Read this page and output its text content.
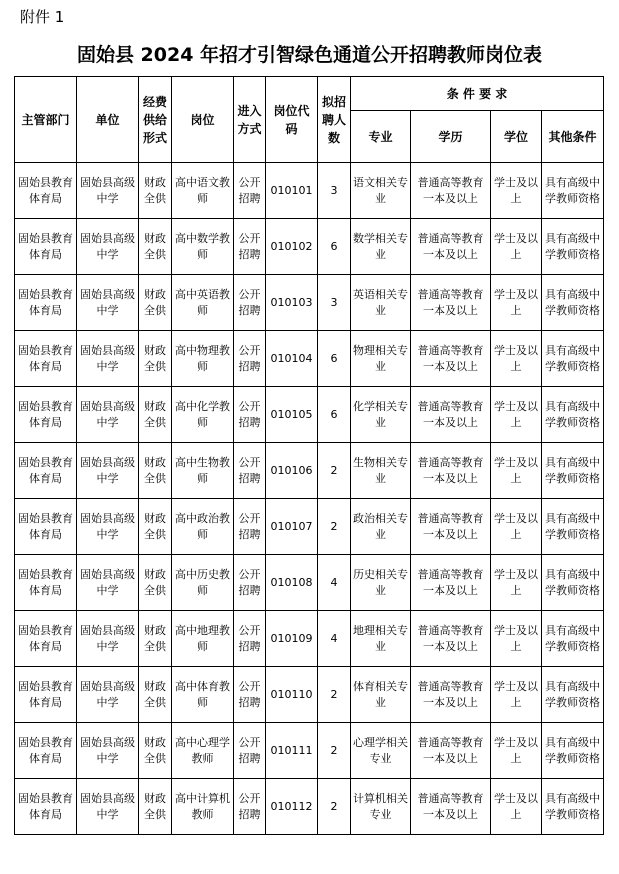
附件 1
固始县 2024 年招才引智绿色通道公开招聘教师岗位表
主管部门	单位	经费供给形式	岗位	进入方式	岗位代码	拟招聘人数	条 件 要 求			
							专业	学历	学位	其他条件
固始县教育体育局	固始县高级中学	财政全供	高中语文教师	公开招聘	010101	3	语文相关专业	普通高等教育一本及以上	学士及以上	具有高级中学教师资格
固始县教育体育局	固始县高级中学	财政全供	高中数学教师	公开招聘	010102	6	数学相关专业	普通高等教育一本及以上	学士及以上	具有高级中学教师资格
固始县教育体育局	固始县高级中学	财政全供	高中英语教师	公开招聘	010103	3	英语相关专业	普通高等教育一本及以上	学士及以上	具有高级中学教师资格
固始县教育体育局	固始县高级中学	财政全供	高中物理教师	公开招聘	010104	6	物理相关专业	普通高等教育一本及以上	学士及以上	具有高级中学教师资格
固始县教育体育局	固始县高级中学	财政全供	高中化学教师	公开招聘	010105	6	化学相关专业	普通高等教育一本及以上	学士及以上	具有高级中学教师资格
固始县教育体育局	固始县高级中学	财政全供	高中生物教师	公开招聘	010106	2	生物相关专业	普通高等教育一本及以上	学士及以上	具有高级中学教师资格
固始县教育体育局	固始县高级中学	财政全供	高中政治教师	公开招聘	010107	2	政治相关专业	普通高等教育一本及以上	学士及以上	具有高级中学教师资格
固始县教育体育局	固始县高级中学	财政全供	高中历史教师	公开招聘	010108	4	历史相关专业	普通高等教育一本及以上	学士及以上	具有高级中学教师资格
固始县教育体育局	固始县高级中学	财政全供	高中地理教师	公开招聘	010109	4	地理相关专业	普通高等教育一本及以上	学士及以上	具有高级中学教师资格
固始县教育体育局	固始县高级中学	财政全供	高中体育教师	公开招聘	010110	2	体育相关专业	普通高等教育一本及以上	学士及以上	具有高级中学教师资格
固始县教育体育局	固始县高级中学	财政全供	高中心理学教师	公开招聘	010111	2	心理学相关专业	普通高等教育一本及以上	学士及以上	具有高级中学教师资格
固始县教育体育局	固始县高级中学	财政全供	高中计算机教师	公开招聘	010112	2	计算机相关专业	普通高等教育一本及以上	学士及以上	具有高级中学教师资格
